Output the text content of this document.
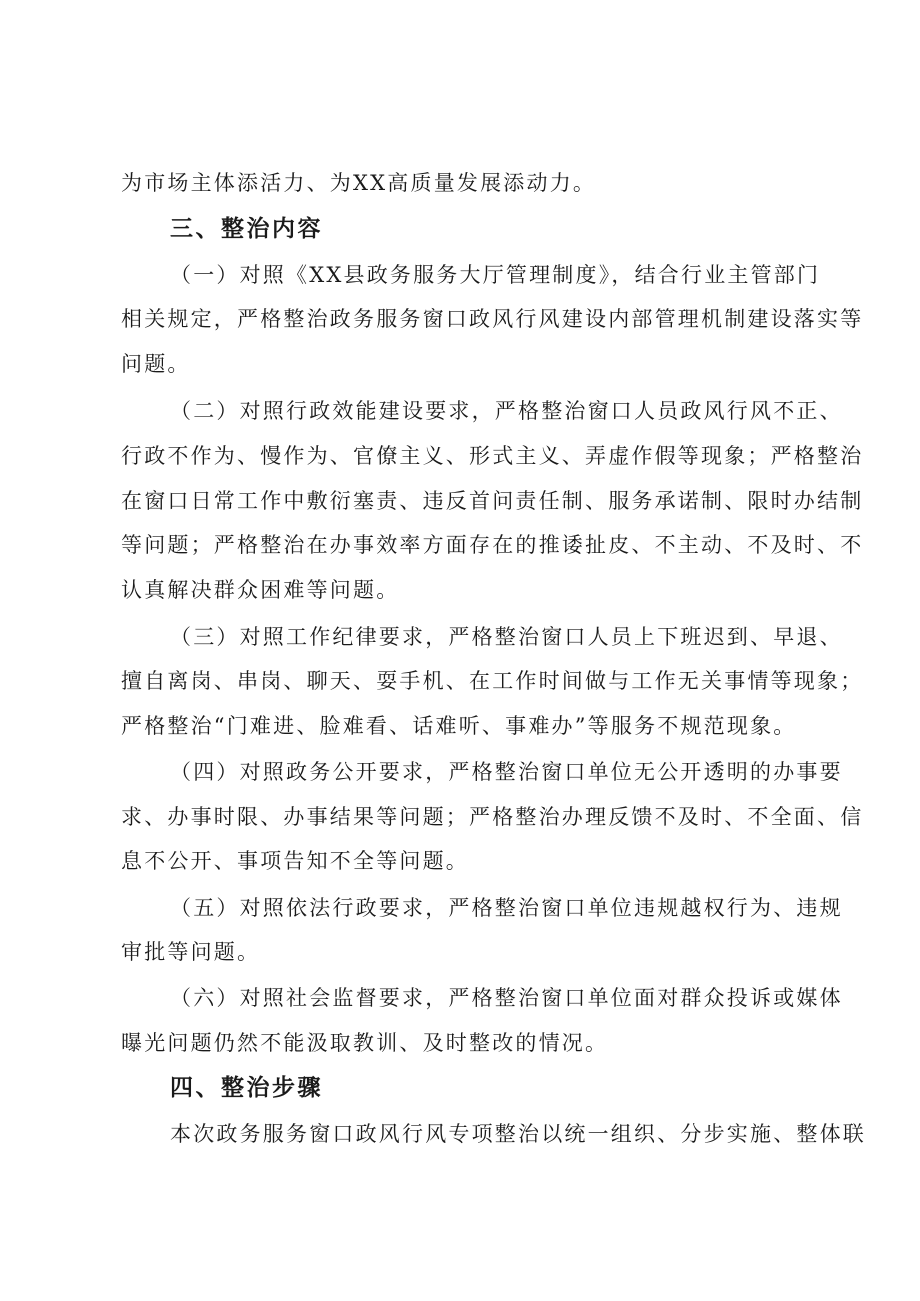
为市场主体添活力、为XX高质量发展添动力。
三、整治内容
（一）对照《XX县政务服务大厅管理制度》，结合行业主管部门
相关规定，严格整治政务服务窗口政风行风建设内部管理机制建设落实等
问题。
（二）对照行政效能建设要求，严格整治窗口人员政风行风不正、
行政不作为、慢作为、官僚主义、形式主义、弄虚作假等现象；严格整治
在窗口日常工作中敷衍塞责、违反首问责任制、服务承诺制、限时办结制
等问题；严格整治在办事效率方面存在的推诿扯皮、不主动、不及时、不
认真解决群众困难等问题。
（三）对照工作纪律要求，严格整治窗口人员上下班迟到、早退、
擅自离岗、串岗、聊天、耍手机、在工作时间做与工作无关事情等现象；
严格整治“门难进、脸难看、话难听、事难办”等服务不规范现象。
（四）对照政务公开要求，严格整治窗口单位无公开透明的办事要
求、办事时限、办事结果等问题；严格整治办理反馈不及时、不全面、信
息不公开、事项告知不全等问题。
（五）对照依法行政要求，严格整治窗口单位违规越权行为、违规
审批等问题。
（六）对照社会监督要求，严格整治窗口单位面对群众投诉或媒体
曝光问题仍然不能汲取教训、及时整改的情况。
四、整治步骤
本次政务服务窗口政风行风专项整治以统一组织、分步实施、整体联
